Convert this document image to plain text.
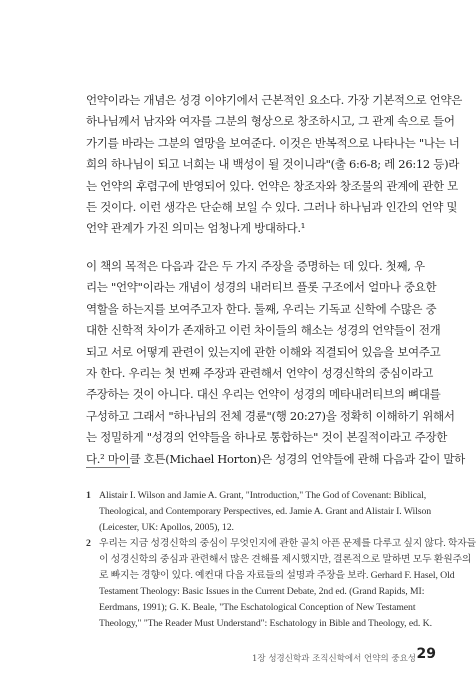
언약이라는 개념은 성경 이야기에서 근본적인 요소다. 가장 기본적으로 언약은
하나님께서 남자와 여자를 그분의 형상으로 창조하시고, 그 관계 속으로 들어
가기를 바라는 그분의 열망을 보여준다. 이것은 반복적으로 나타나는 "나는 너
희의 하나님이 되고 너희는 내 백성이 될 것이니라"(출 6:6-8; 레 26:12 등)라
는 언약의 후렴구에 반영되어 있다. 언약은 창조자와 창조물의 관계에 관한 모
든 것이다. 이런 생각은 단순해 보일 수 있다. 그러나 하나님과 인간의 언약 및
언약 관계가 가진 의미는 엄청나게 방대하다.¹
이 책의 목적은 다음과 같은 두 가지 주장을 증명하는 데 있다. 첫째, 우
리는 "언약"이라는 개념이 성경의 내러티브 플롯 구조에서 얼마나 중요한
역할을 하는지를 보여주고자 한다. 둘째, 우리는 기독교 신학에 수많은 중
대한 신학적 차이가 존재하고 이런 차이들의 해소는 성경의 언약들이 전개
되고 서로 어떻게 관련이 있는지에 관한 이해와 직결되어 있음을 보여주고
자 한다. 우리는 첫 번째 주장과 관련해서 언약이 성경신학의 중심이라고
주장하는 것이 아니다. 대신 우리는 언약이 성경의 메타내러티브의 뼈대를
구성하고 그래서 "하나님의 전체 경륜"(행 20:27)을 정확히 이해하기 위해서
는 정밀하게 "성경의 언약들을 하나로 통합하는" 것이 본질적이라고 주장한
다.² 마이클 호튼(Michael Horton)은 성경의 언약들에 관해 다음과 같이 말하
1 Alistair I. Wilson and Jamie A. Grant, "Introduction," The God of Covenant: Biblical,
Theological, and Contemporary Perspectives, ed. Jamie A. Grant and Alistair I. Wilson
(Leicester, UK: Apollos, 2005), 12.
2 우리는 지금 성경신학의 중심이 무엇인지에 관한 골치 아픈 문제를 다루고 싶지 않다. 학자들
이 성경신학의 중심과 관련해서 많은 견해를 제시했지만, 결론적으로 말하면 모두 환원주의
로 빠지는 경향이 있다. 예컨대 다음 자료들의 설명과 주장을 보라. Gerhard F. Hasel, Old
Testament Theology: Basic Issues in the Current Debate, 2nd ed. (Grand Rapids, MI:
Eerdmans, 1991); G. K. Beale, "The Eschatological Conception of New Testament
Theology," "The Reader Must Understand": Eschatology in Bible and Theology, ed. K.
1장 성경신학과 조직신학에서 언약의 중요성 29
